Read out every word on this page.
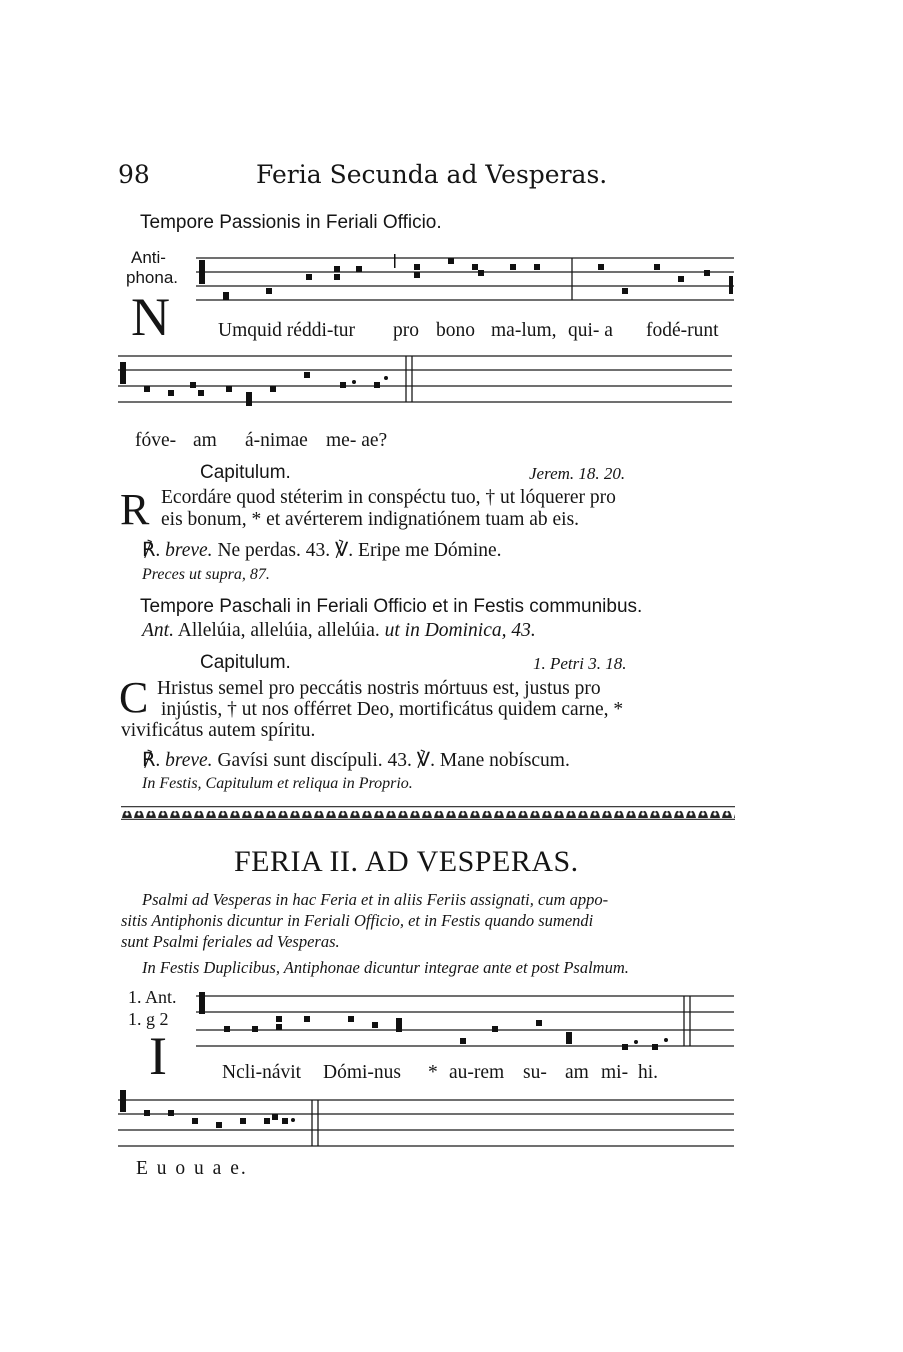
98	Feria Secunda ad Vesperas.
Tempore Passionis in Feriali Officio.
Anti-
phona.
N Umquid réddi-tur pro bono ma-lum, qui- a fodé-runt
fóve- am á-nimae me- ae?
Capitulum.	Jerem. 18. 20.
R Ecordáre quod stéterim in conspéctu tuo, † ut lóquerer pro
eis bonum, * et avérterem indignatiónem tuam ab eis.
℟. breve. Ne perdas. 43. ℣. Eripe me Dómine.
Preces ut supra, 87.
Tempore Paschali in Feriali Officio et in Festis communibus.
Ant. Allelúia, allelúia, allelúia. ut in Dominica, 43.
Capitulum.	1. Petri 3. 18.
C Hristus semel pro peccátis nostris mórtuus est, justus pro
injústis, † ut nos offérret Deo, mortificátus quidem carne, *
vivificátus autem spíritu.
℟. breve. Gavísi sunt discípuli. 43. ℣. Mane nobíscum.
In Festis, Capitulum et reliqua in Proprio.
FERIA II. AD VESPERAS.
Psalmi ad Vesperas in hac Feria et in aliis Feriis assignati, cum appo-
sitis Antiphonis dicuntur in Feriali Officio, et in Festis quando sumendi
sunt Psalmi feriales ad Vesperas.
In Festis Duplicibus, Antiphonae dicuntur integrae ante et post Psalmum.
1. Ant.
1. g 2
I	Ncli-návit Dómi-nus * au-rem su- am mi- hi.
E u o u a e.
